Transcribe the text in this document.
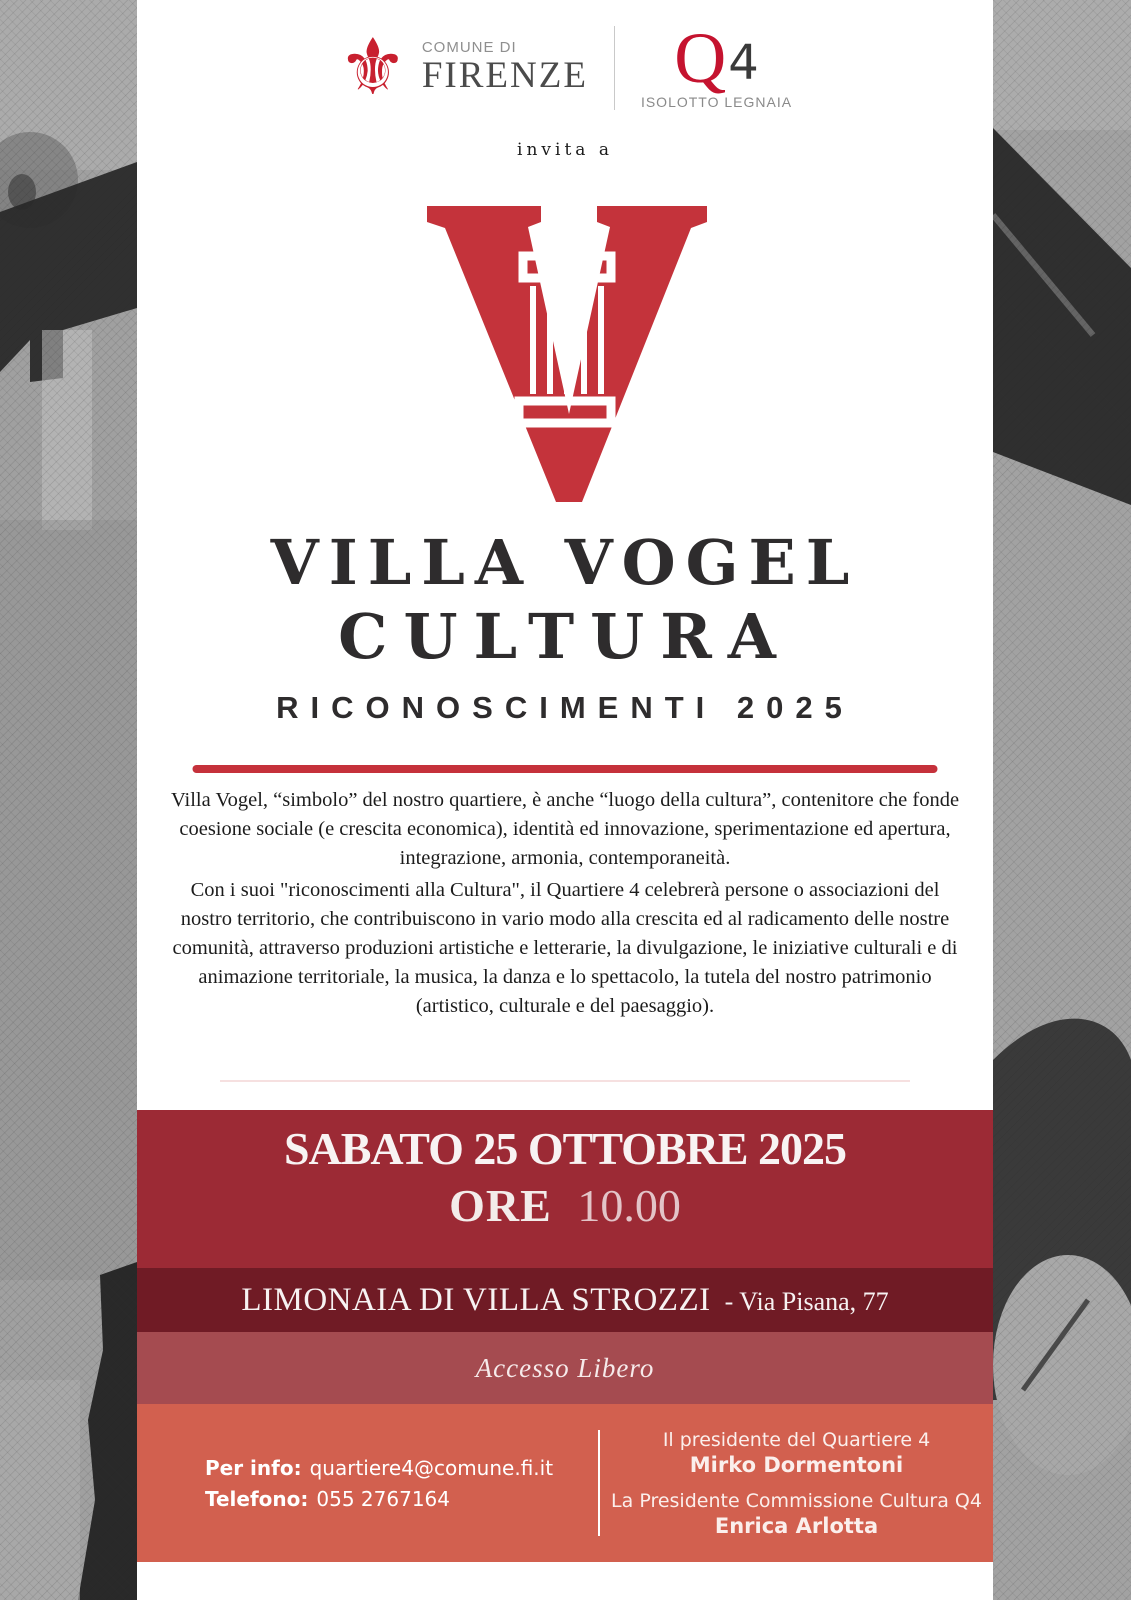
⚜ COMUNE DI
FIRENZE Q 4
ISOLOTTO LEGNAIA
invita a
VILLA VOGEL
CULTURA
RICONOSCIMENTI 2025

Villa Vogel, “simbolo” del nostro quartiere, è anche “luogo della cultura”, contenitore che fonde coesione sociale (e crescita economica), identità ed innovazione, sperimentazione ed apertura, integrazione, armonia, contemporaneità.

Con i suoi "riconoscimenti alla Cultura", il Quartiere 4 celebrerà persone o associazioni del nostro territorio, che contribuiscono in vario modo alla crescita ed al radicamento delle nostre comunità, attraverso produzioni artistiche e letterarie, la divulgazione, le iniziative culturali e di animazione territoriale, la musica, la danza e lo spettacolo, la tutela del nostro patrimonio (artistico, culturale e del paesaggio).

SABATO 25 OTTOBRE 2025
ORE 10.00
LIMONAIA DI VILLA STROZZI - Via Pisana, 77
Accesso Libero
Per info: quartiere4@comune.fi.it
Telefono: 055 2767164
Il presidente del Quartiere 4
Mirko Dormentoni
La Presidente Commissione Cultura Q4
Enrica Arlotta
